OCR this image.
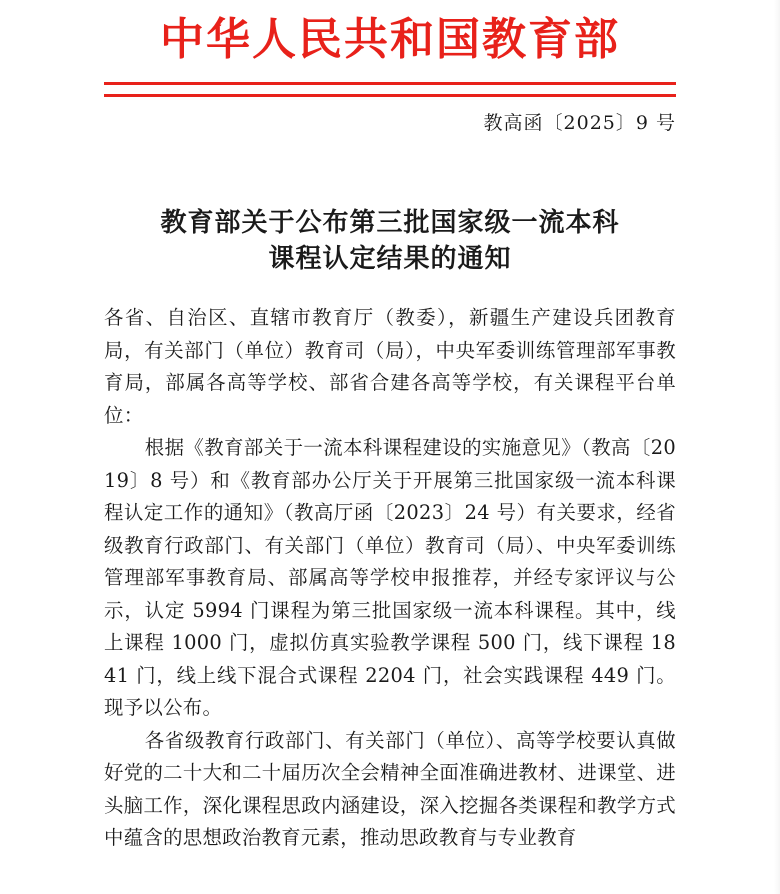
中华人民共和国教育部
教高函〔2025〕9 号
教育部关于公布第三批国家级一流本科
课程认定结果的通知

各省、自治区、直辖市教育厅（教委），新疆生产建设兵团教育局，有关部门（单位）教育司（局），中央军委训练管理部军事教育局，部属各高等学校、部省合建各高等学校，有关课程平台单位：

根据《教育部关于一流本科课程建设的实施意见》（教高〔2019〕8 号）和《教育部办公厅关于开展第三批国家级一流本科课程认定工作的通知》（教高厅函〔2023〕24 号）有关要求，经省级教育行政部门、有关部门（单位）教育司（局）、中央军委训练管理部军事教育局、部属高等学校申报推荐，并经专家评议与公示，认定 5994 门课程为第三批国家级一流本科课程。其中，线上课程 1000 门，虚拟仿真实验教学课程 500 门，线下课程 1841 门，线上线下混合式课程 2204 门，社会实践课程 449 门。现予以公布。

各省级教育行政部门、有关部门（单位）、高等学校要认真做好党的二十大和二十届历次全会精神全面准确进教材、进课堂、进头脑工作，深化课程思政内涵建设，深入挖掘各类课程和教学方式中蕴含的思想政治教育元素，推动思政教育与专业教育
